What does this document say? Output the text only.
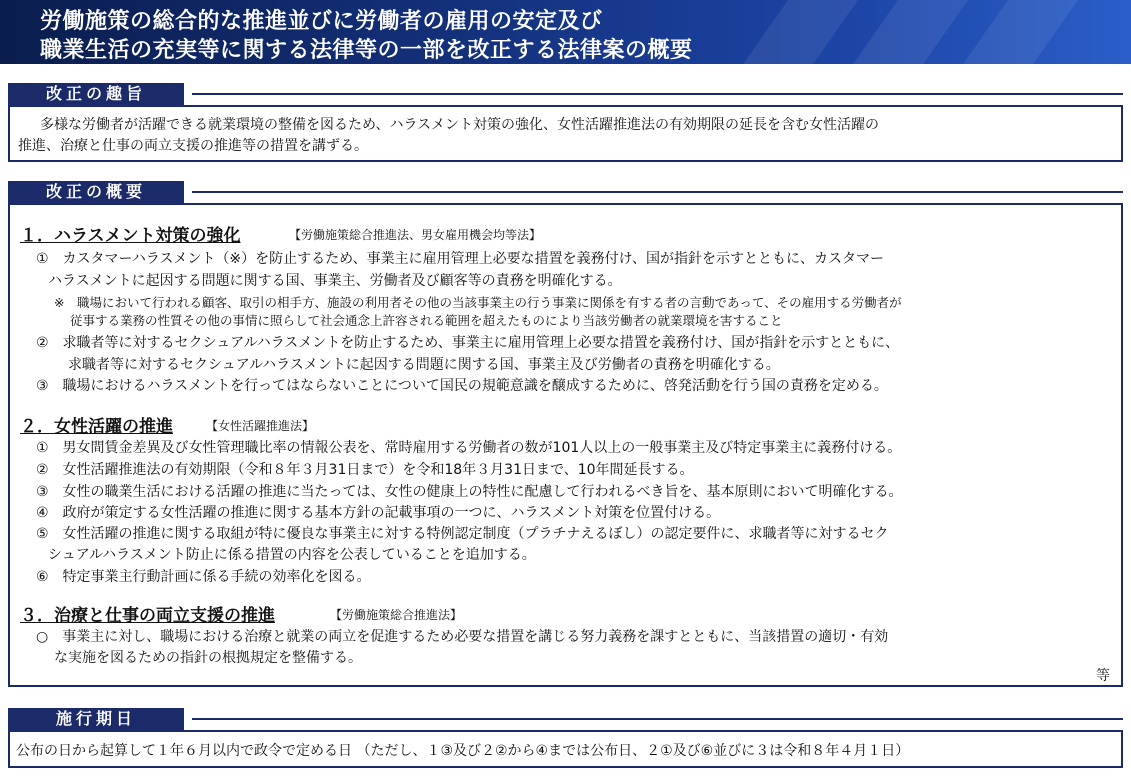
労働施策の総合的な推進並びに労働者の雇用の安定及び
職業生活の充実等に関する法律等の一部を改正する法律案の概要
改正の趣旨
多様な労働者が活躍できる就業環境の整備を図るため、ハラスメント対策の強化、女性活躍推進法の有効期限の延長を含む女性活躍の
推進、治療と仕事の両立支援の推進等の措置を講ずる。
改正の概要
１．ハラスメント対策の強化	【労働施策総合推進法、男女雇用機会均等法】
①　カスタマーハラスメント（※）を防止するため、事業主に雇用管理上必要な措置を義務付け、国が指針を示すとともに、カスタマー
ハラスメントに起因する問題に関する国、事業主、労働者及び顧客等の責務を明確化する。
※　職場において行われる顧客、取引の相手方、施設の利用者その他の当該事業主の行う事業に関係を有する者の言動であって、その雇用する労働者が
従事する業務の性質その他の事情に照らして社会通念上許容される範囲を超えたものにより当該労働者の就業環境を害すること
②　求職者等に対するセクシュアルハラスメントを防止するため、事業主に雇用管理上必要な措置を義務付け、国が指針を示すとともに、
求職者等に対するセクシュアルハラスメントに起因する問題に関する国、事業主及び労働者の責務を明確化する。
③　職場におけるハラスメントを行ってはならないことについて国民の規範意識を醸成するために、啓発活動を行う国の責務を定める。
２．女性活躍の推進	【女性活躍推進法】
①　男女間賃金差異及び女性管理職比率の情報公表を、常時雇用する労働者の数が101人以上の一般事業主及び特定事業主に義務付ける。
②　女性活躍推進法の有効期限（令和８年３月31日まで）を令和18年３月31日まで、10年間延長する。
③　女性の職業生活における活躍の推進に当たっては、女性の健康上の特性に配慮して行われるべき旨を、基本原則において明確化する。
④　政府が策定する女性活躍の推進に関する基本方針の記載事項の一つに、ハラスメント対策を位置付ける。
⑤　女性活躍の推進に関する取組が特に優良な事業主に対する特例認定制度（プラチナえるぼし）の認定要件に、求職者等に対するセク
シュアルハラスメント防止に係る措置の内容を公表していることを追加する。
⑥　特定事業主行動計画に係る手続の効率化を図る。
３．治療と仕事の両立支援の推進	【労働施策総合推進法】
○　事業主に対し、職場における治療と就業の両立を促進するため必要な措置を講じる努力義務を課すとともに、当該措置の適切・有効
な実施を図るための指針の根拠規定を整備する。
等
施行期日
公布の日から起算して１年６月以内で政令で定める日 （ただし、１③及び２②から④までは公布日、２①及び⑥並びに３は令和８年４月１日）
